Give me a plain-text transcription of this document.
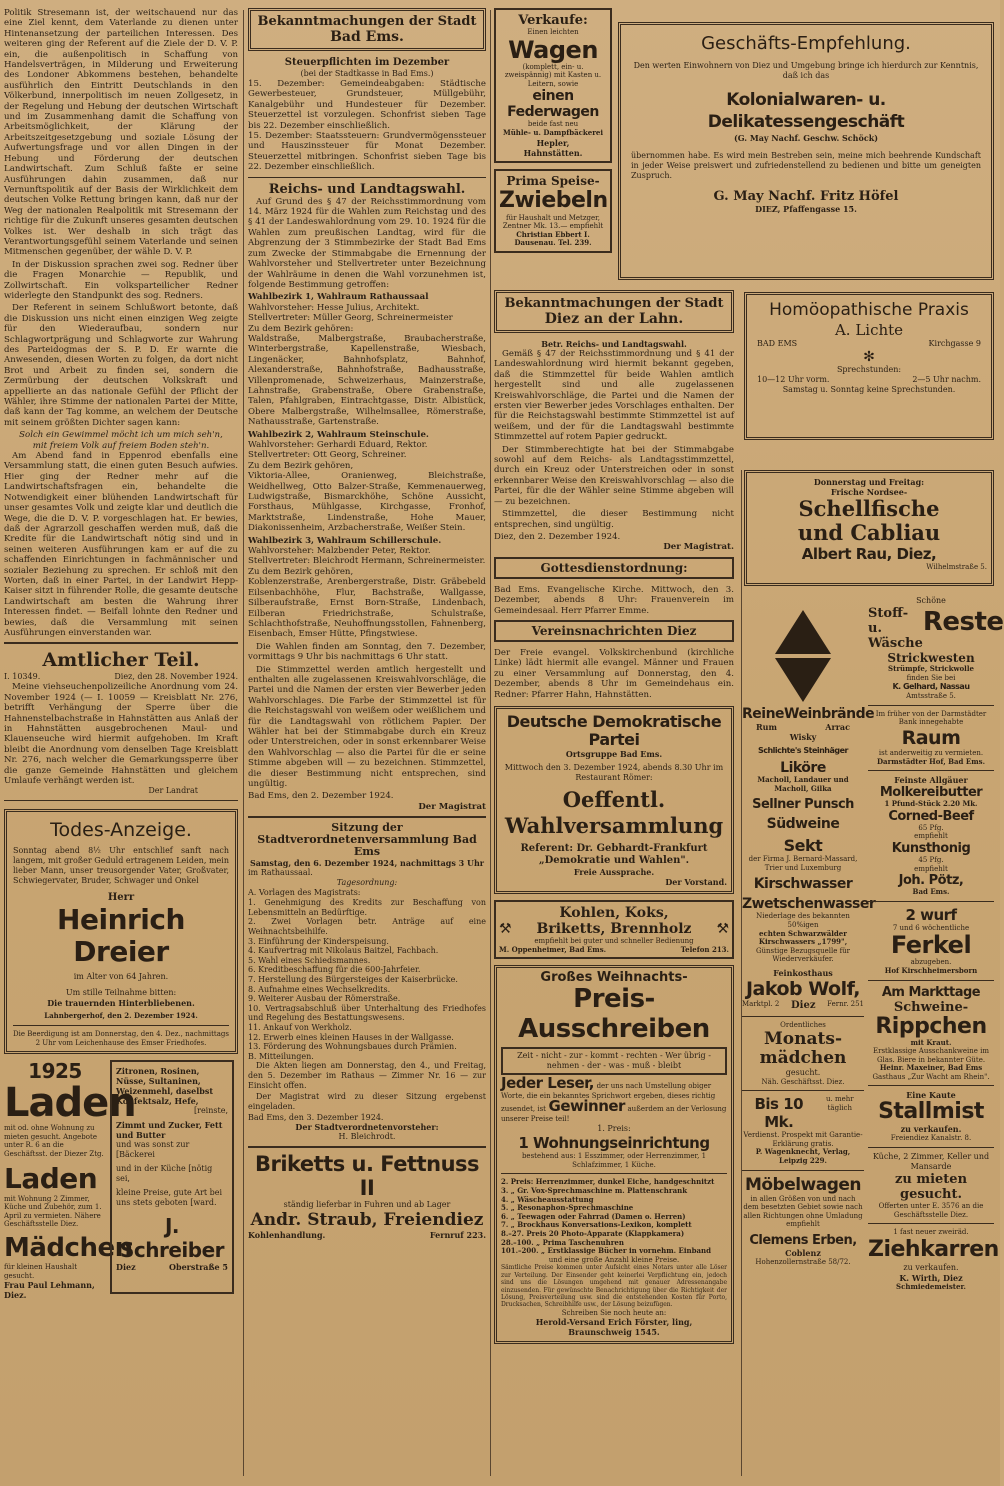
Politik Stresemann ist, der weitschauend nur das eine Ziel kennt, dem Vaterlande zu dienen unter Hintenansetzung der parteilichen Interessen. Des weiteren ging der Referent auf die Ziele der D. V. P. ein, die außenpolitisch in Schaffung von Handelsverträgen, in Milderung und Erweiterung des Londoner Abkommens bestehen, behandelte ausführlich den Eintritt Deutschlands in den Völkerbund, innerpolitisch im neuen Zollgesetz, in der Regelung und Hebung der deutschen Wirtschaft und im Zusammenhang damit die Schaffung von Arbeitsmöglichkeit, der Klärung der Arbeitszeitgesetzgebung und soziale Lösung der Aufwertungsfrage und vor allen Dingen in der Hebung und Förderung der deutschen Landwirtschaft. Zum Schluß faßte er seine Ausführungen dahin zusammen, daß nur Vernunftspolitik auf der Basis der Wirklichkeit dem deutschen Volke Rettung bringen kann, daß nur der Weg der nationalen Realpolitik mit Stresemann der richtige für die Zukunft unseres gesamten deutschen Volkes ist. Wer deshalb in sich trägt das Verantwortungsgefühl seinem Vaterlande und seinen Mitmenschen gegenüber, der wähle D. V. P.

In der Diskussion sprachen zwei sog. Redner über die Fragen Monarchie — Republik, und Zollwirtschaft. Ein volksparteilicher Redner widerlegte den Standpunkt des sog. Redners.

Der Referent in seinem Schlußwort betonte, daß die Diskussion uns nicht einen einzigen Weg zeigte für den Wiederaufbau, sondern nur Schlagwortprägung und Schlagworte zur Wahrung des Parteidogmas der S. P. D. Er warnte die Anwesenden, diesen Worten zu folgen, da dort nicht Brot und Arbeit zu finden sei, sondern die Zermürbung der deutschen Volkskraft und appellierte an das nationale Gefühl der Pflicht der Wähler, ihre Stimme der nationalen Partei der Mitte, daß kann der Tag komme, an welchem der Deutsche mit seinem größten Dichter sagen kann:

Solch ein Gewimmel möcht ich um mich seh'n,
mit freiem Volk auf freiem Boden steh'n.

Am Abend fand in Eppenrod ebenfalls eine Versammlung statt, die einen guten Besuch aufwies. Hier ging der Redner mehr auf die Landwirtschaftsfragen ein, behandelte die Notwendigkeit einer blühenden Landwirtschaft für unser gesamtes Volk und zeigte klar und deutlich die Wege, die die D. V. P. vorgeschlagen hat. Er bewies, daß der Agrarzoll geschaffen werden muß, daß die Kredite für die Landwirtschaft nötig sind und in seinen weiteren Ausführungen kam er auf die zu schaffenden Einrichtungen in fachmännischer und sozialer Beziehung zu sprechen. Er schloß mit den Worten, daß in einer Partei, in der Landwirt Hepp-Kaiser sitzt in führender Rolle, die gesamte deutsche Landwirtschaft am besten die Wahrung ihrer Interessen findet. — Beifall lohnte den Redner und bewies, daß die Versammlung mit seinen Ausführungen einverstanden war.

Amtlicher Teil.
I. 10349.	Diez, den 28. November 1924.

Meine viehseuchenpolizeiliche Anordnung vom 24. November 1924 (— I. 10059 — Kreisblatt Nr. 276, betrifft Verhängung der Sperre über die Hahnenstelbachstraße in Hahnstätten aus Anlaß der in Hahnstätten ausgebrochenen Maul- und Klauenseuche wird hiermit aufgehoben. Im Kraft bleibt die Anordnung vom denselben Tage Kreisblatt Nr. 276, nach welcher die Gemarkungssperre über die ganze Gemeinde Hahnstätten und gleichem Umlaufe verhängt werden ist.

Der Landrat
Todes-Anzeige.
Sonntag abend 8½ Uhr entschlief sanft nach langem, mit großer Geduld ertragenem Leiden, mein lieber Mann, unser treusorgender Vater, Großvater, Schwiegervater, Bruder, Schwager und Onkel
Herr
Heinrich Dreier
im Alter von 64 Jahren.
Um stille Teilnahme bitten:
Die trauernden Hinterbliebenen.
Lahnbergerhof, den 2. Dezember 1924.
Die Beerdigung ist am Donnerstag, den 4. Dez., nachmittags 2 Uhr vom Leichenhause des Emser Friedhofes.
1925
Laden
mit od. ohne Wohnung zu mieten gesucht. Angebote unter R. 6 an die Geschäftsst. der Diezer Ztg.
Laden
mit Wohnung 2 Zimmer, Küche und Zubehör, zum 1. April zu vermieten. Nähere Geschäftsstelle Diez.
Mädchen
für kleinen Haushalt gesucht.
Frau Paul Lehmann, Diez.
Zitronen, Rosinen, Nüsse, Sultaninen, Weizenmehl, daselbst Konfektsalz, Hefe,
[reinste,
Zimmt und Zucker, Fett und Butter
und was sonst zur [Bäckerei
und in der Küche [nötig sei,
kleine Preise, gute Art bei uns stets geboten [ward.
J. Schreiber
Diez	Oberstraße 5
Bekanntmachungen der Stadt
Bad Ems.
Steuerpflichten im Dezember
(bei der Stadtkasse in Bad Ems.)

15. Dezember: Gemeindeabgaben: Städtische Gewerbesteuer, Grundsteuer, Müllgebühr, Kanalgebühr und Hundesteuer für Dezember. Steuerzettel ist vorzulegen. Schonfrist sieben Tage bis 22. Dezember einschließlich.

15. Dezember: Staatssteuern: Grundvermögenssteuer und Hauszinssteuer für Monat Dezember. Steuerzettel mitbringen. Schonfrist sieben Tage bis 22. Dezember einschließlich.

Reichs- und Landtagswahl.

Auf Grund des § 47 der Reichsstimmordnung vom 14. März 1924 für die Wahlen zum Reichstag und des § 41 der Landeswahlordnung vom 29. 10. 1924 für die Wahlen zum preußischen Landtag, wird für die Abgrenzung der 3 Stimmbezirke der Stadt Bad Ems zum Zwecke der Stimmabgabe die Ernennung der Wahlvorsteher und Stellvertreter unter Bezeichnung der Wahlräume in denen die Wahl vorzunehmen ist, folgende Bestimmung getroffen:

Wahlbezirk 1, Wahlraum Rathaussaal
Wahlvorsteher: Hesse Julius, Architekt.
Stellvertreter: Müller Georg, Schreinermeister
Zu dem Bezirk gehören:

Waldstraße, Malbergstraße, Braubacherstraße, Winterbergstraße, Kapellenstraße, Wiesbach, Lingenäcker, Bahnhofsplatz, Bahnhof, Alexanderstraße, Bahnhofstraße, Badhausstraße, Villenpromenade, Schweizerhaus, Mainzerstraße, Lahnstraße, Grabenstraße, Obere Grabenstraße, Talen, Pfahlgraben, Eintrachtgasse, Distr. Albistück, Obere Malbergstraße, Wilhelmsallee, Römerstraße, Nathausstraße, Gartenstraße.

Wahlbezirk 2, Wahlraum Steinschule.
Wahlvorsteher: Gerhardi Eduard, Rektor.
Stellvertreter: Ott Georg, Schreiner.
Zu dem Bezirk gehören,

Viktoria-Allee, Oranienweg, Bleichstraße, Weidhellweg, Otto Balzer-Straße, Kemmenauerweg, Ludwigstraße, Bismarckhöhe, Schöne Aussicht, Forsthaus, Mühlgasse, Kirchgasse, Fronhof, Marktstraße, Lindenstraße, Hohe Mauer, Diakonissenheim, Arzbacherstraße, Weißer Stein.

Wahlbezirk 3, Wahlraum Schillerschule.
Wahlvorsteher: Malzbender Peter, Rektor.
Stellvertreter: Bleichrodt Hermann, Schreinermeister.
Zu dem Bezirk gehören,

Koblenzerstraße, Arenbergerstraße, Distr. Gräbebeld Eilsenbachhöhe, Flur, Bachstraße, Wallgasse, Silberaufstraße, Ernst Born-Straße, Lindenbach, Eilberan Friedrichstraße, Schulstraße, Schlachthofstraße, Neuhoffnungsstollen, Fahnenberg, Eisenbach, Emser Hütte, Pfingstwiese.

Die Wahlen finden am Sonntag, den 7. Dezember, vormittags 9 Uhr bis nachmittags 6 Uhr statt.

Die Stimmzettel werden amtlich hergestellt und enthalten alle zugelassenen Kreiswahlvorschläge, die Partei und die Namen der ersten vier Bewerber jeden Wahlvorschlages. Die Farbe der Stimmzettel ist für die Reichstagswahl von weißem oder weißlichem und für die Landtagswahl von rötlichem Papier. Der Wähler hat bei der Stimmabgabe durch ein Kreuz oder Unterstreichen, oder in sonst erkennbarer Weise den Wahlvorschlag — also die Partei für die er seine Stimme abgeben will — zu bezeichnen. Stimmzettel, die dieser Bestimmung nicht entsprechen, sind ungültig.

Bad Ems, den 2. Dezember 1924.
Der Magistrat
Sitzung der Stadtverordnetenversammlung Bad Ems
Samstag, den 6. Dezember 1924, nachmittags 3 Uhr
im Rathaussaal.
Tagesordnung:
A. Vorlagen des Magistrats:
1. Genehmigung des Kredits zur Beschaffung von Lebensmitteln an Bedürftige.
2. Zwei Vorlagen betr. Anträge auf eine Weihnachtsbeihilfe.
3. Einführung der Kinderspeisung.
4. Kaufvertrag mit Nikolaus Baitzel, Fachbach.
5. Wahl eines Schiedsmannes.
6. Kreditbeschaffung für die 600-Jahrfeier.
7. Herstellung des Bürgersteiges der Kaiserbrücke.
8. Aufnahme eines Wechselkredits.
9. Weiterer Ausbau der Römerstraße.
10. Vertragsabschluß über Unterhaltung des Friedhofes und Regelung des Bestattungswesens.
11. Ankauf von Werkholz.
12. Erwerb eines kleinen Hauses in der Wallgasse.
13. Förderung des Wohnungsbaues durch Prämien.
B. Mitteilungen.

Die Akten liegen am Donnerstag, den 4., und Freitag, den 5. Dezember im Rathaus — Zimmer Nr. 16 — zur Einsicht offen.

Der Magistrat wird zu dieser Sitzung ergebenst eingeladen.

Bad Ems, den 3. Dezember 1924.
Der Stadtverordnetenvorsteher:
H. Bleichrodt.
Briketts u. Fettnuss II
ständig lieferbar in Fuhren und ab Lager
Andr. Straub, Freiendiez
Kohlenhandlung.	Fernruf 223.
Verkaufe:
Einen leichten
Wagen
(komplett, ein- u. zweispännig) mit Kasten u. Leitern, sowie
einen Federwagen
beide fast neu
Mühle- u. Dampfbäckerei
Hepler,
Hahnstätten.
Prima Speise-
Zwiebeln
für Haushalt und Metzger, Zentner Mk. 13.— empfiehlt
Christian Ebbert I.
Dausenau. Tel. 239.
Bekanntmachungen der Stadt
Diez an der Lahn.
Betr. Reichs- und Landtagswahl.

Gemäß § 47 der Reichsstimmordnung und § 41 der Landeswahlordnung wird hiermit bekannt gegeben, daß die Stimmzettel für beide Wahlen amtlich hergestellt sind und alle zugelassenen Kreiswahlvorschläge, die Partei und die Namen der ersten vier Bewerber jedes Vorschlages enthalten. Der für die Reichstagswahl bestimmte Stimmzettel ist auf weißem, und der für die Landtagswahl bestimmte Stimmzettel auf rotem Papier gedruckt.

Der Stimmberechtigte hat bei der Stimmabgabe sowohl auf dem Reichs- als Landtagsstimmzettel, durch ein Kreuz oder Unterstreichen oder in sonst erkennbarer Weise den Kreiswahlvorschlag — also die Partei, für die der Wähler seine Stimme abgeben will — zu bezeichnen.

Stimmzettel, die dieser Bestimmung nicht entsprechen, sind ungültig.

Diez, den 2. Dezember 1924.
Der Magistrat.
Gottesdienstordnung:

Bad Ems. Evangelische Kirche. Mittwoch, den 3. Dezember, abends 8 Uhr: Frauenverein im Gemeindesaal. Herr Pfarrer Emme.

Vereinsnachrichten Diez

Der Freie evangel. Volkskirchenbund (kirchliche Linke) lädt hiermit alle evangel. Männer und Frauen zu einer Versammlung auf Donnerstag, den 4. Dezember, abends 8 Uhr im Gemeindehaus ein. Redner: Pfarrer Hahn, Hahnstätten.

Deutsche Demokratische Partei
Ortsgruppe Bad Ems.
Mittwoch den 3. Dezember 1924, abends 8.30 Uhr im Restaurant Römer:
Oeffentl. Wahlversammlung
Referent: Dr. Gebhardt-Frankfurt
„Demokratie und Wahlen".
Freie Aussprache.
Der Vorstand.
Kohlen, Koks,
⚒ Briketts, Brennholz ⚒
empfiehlt bei guter und schneller Bedienung
M. Oppenheimer, Bad Ems.	Telefon 213.
Großes Weihnachts-
Preis-Ausschreiben
Zeit - nicht - zur - kommt - rechten - Wer übrig - nehmen - der - was - muß - bleibt
Jeder Leser, der uns nach Umstellung obiger Worte, die ein bekanntes Sprichwort ergeben, dieses richtig zusendet, ist Gewinner außerdem an der Verlosung unserer Preise teil!
1. Preis:
1 Wohnungseinrichtung
bestehend aus: 1 Esszimmer, oder Herrenzimmer, 1 Schlafzimmer, 1 Küche.
2. Preis: Herrenzimmer, dunkel Eiche, handgeschnitzt
3. „ Gr. Vox-Sprechmaschine m. Plattenschrank
4. „ Wäscheausstattung
5. „ Resonaphon-Sprechmaschine
6. „ Teewagen oder Fahrrad (Damen o. Herren)
7. „ Brockhaus Konversations-Lexikon, komplett
8.–27. Preis 20 Photo-Apparate (Klappkamera)
28.–100. „ Prima Taschenuhren
101.–200. „ Erstklassige Bücher in vornehm. Einband
und eine große Anzahl kleine Preise.
Sämtliche Preise kommen unter Aufsicht eines Notars unter alle Löser zur Verteilung. Der Einsender geht keinerlei Verpflichtung ein, jedoch sind uns die Lösungen umgehend mit genauer Adressenangabe einzusenden. Für gewünschte Benachrichtigung über die Richtigkeit der Lösung, Preisverteilung usw. sind die entstehenden Kosten für Porto, Drucksachen, Schreibhilfe usw., der Lösung beizufügen.
Schreiben Sie noch heute an:
Herold-Versand Erich Förster, ling,
Braunschweig 1545.
Geschäfts-Empfehlung.
Den werten Einwohnern von Diez und Umgebung bringe ich hierdurch zur Kenntnis, daß ich das
Kolonialwaren- u. Delikatessengeschäft
(G. May Nachf. Geschw. Schöck)
übernommen habe. Es wird mein Bestreben sein, meine mich beehrende Kundschaft in jeder Weise preiswert und zufriedenstellend zu bedienen und bitte um geneigten Zuspruch.
G. May Nachf. Fritz Höfel
DIEZ, Pfaffengasse 15.
Homöopathische Praxis
A. Lichte
BAD EMS	Kirchgasse 9
✻
Sprechstunden:
10—12 Uhr vorm.	2—5 Uhr nachm.
Samstag u. Sonntag keine Sprechstunden.
Donnerstag und Freitag:
Frische Nordsee-
Schellfische
und Cabliau
Albert Rau, Diez,
Wilhelmstraße 5.
ReineWeinbrände
Rum	Arrac
Wisky
Schlichte's Steinhäger
Liköre
Macholl, Landauer und Macholl, Gilka
Sellner Punsch
Südweine
Sekt
der Firma J. Bernard-Massard, Trier und Luxemburg
Kirschwasser
Zwetschenwasser
Niederlage des bekannten 50%igen
echten Schwarzwälder Kirschwassers „1799",
Günstige Bezugsquelle für Wiederverkäufer.
Feinkosthaus
Jakob Wolf,
Marktpl. 2 Diez Fernr. 251
Ordentliches
Monats-
mädchen
gesucht.
Näh. Geschäftsst. Diez.
Bis 10 Mk.
u. mehr täglich
Verdienst. Prospekt mit Garantie-Erklärung gratis.
P. Wagenknecht, Verlag, Leipzig 229.
Möbelwagen
in allen Größen von und nach dem besetzten Gebiet sowie nach allen Richtungen ohne Umladung empfiehlt
Clemens Erben,
Coblenz
Hohenzollernstraße 58/72.
Schöne
Stoff- u.
Wäsche
Reste
Strickwesten
Strümpfe, Strickwolle
finden Sie bei
K. Gelhard, Nassau
Amtsstraße 5.
Im früher von der Darmstädter Bank innegehabte
Raum
ist anderweitig zu vermieten.
Darmstädter Hof, Bad Ems.
Feinste Allgäuer
Molkereibutter
1 Pfund-Stück 2.20 Mk.
Corned-Beef
65 Pfg.
empfiehlt
Kunsthonig
45 Pfg.
empfiehlt
Joh. Pötz,
Bad Ems.
2 wurf
7 und 6 wöchentliche
Ferkel
abzugeben.
Hof Kirschheimersborn
Am Markttage
Schweine-
Rippchen
mit Kraut.
Erstklassige Ausschankweine im Glas. Biere in bekannter Güte.
Heinr. Maxeiner, Bad Ems
Gasthaus „Zur Wacht am Rhein".
Eine Kaute
Stallmist
zu verkaufen.
Freiendiez Kanalstr. 8.
Küche, 2 Zimmer, Keller und Mansarde
zu mieten
gesucht.
Offerten unter E. 3576 an die Geschäftsstelle Diez.
1 fast neuer zweiräd.
Ziehkarren
zu verkaufen.
K. Wirth, Diez
Schmiedemeister.
